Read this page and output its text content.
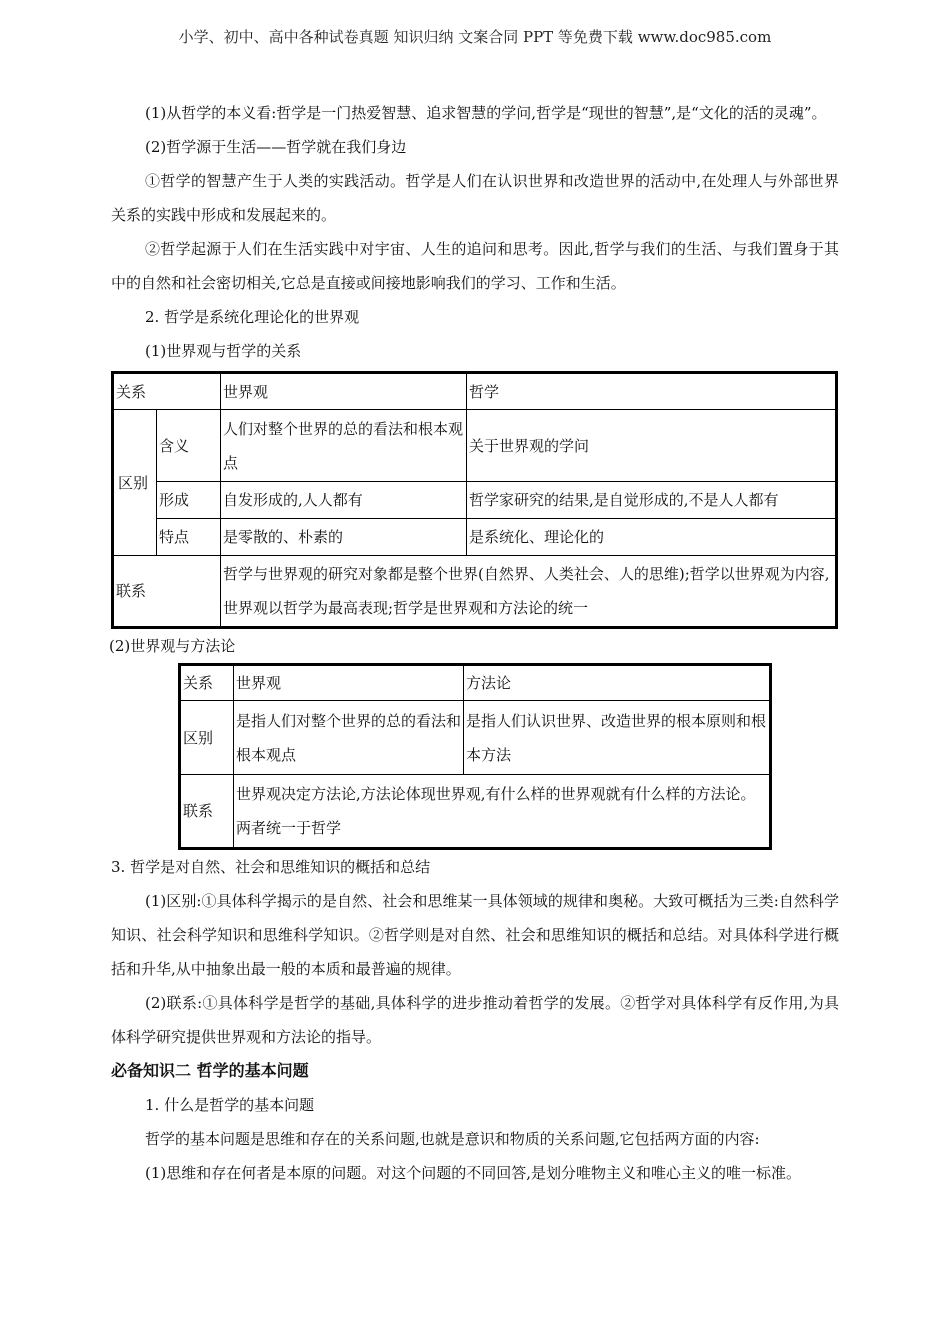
小学、初中、高中各种试卷真题 知识归纳 文案合同 PPT 等免费下载 www.doc985.com

(1)从哲学的本义看:哲学是一门热爱智慧、追求智慧的学问,哲学是“现世的智慧”,是“文化的活的灵魂”。

(2)哲学源于生活——哲学就在我们身边

①哲学的智慧产生于人类的实践活动。哲学是人们在认识世界和改造世界的活动中,在处理人与外部世界关系的实践中形成和发展起来的。

②哲学起源于人们在生活实践中对宇宙、人生的追问和思考。因此,哲学与我们的生活、与我们置身于其中的自然和社会密切相关,它总是直接或间接地影响我们的学习、工作和生活。

2. 哲学是系统化理论化的世界观

(1)世界观与哲学的关系

关系		世界观	哲学
区别	含义	人们对整个世界的总的看法和根本观点	关于世界观的学问
	形成	自发形成的,人人都有	哲学家研究的结果,是自觉形成的,不是人人都有
	特点	是零散的、朴素的	是系统化、理论化的
联系		哲学与世界观的研究对象都是整个世界(自然界、人类社会、人的思维);哲学以世界观为内容,世界观以哲学为最高表现;哲学是世界观和方法论的统一	

(2)世界观与方法论

关系	世界观	方法论
区别	是指人们对整个世界的总的看法和根本观点	是指人们认识世界、改造世界的根本原则和根本方法
联系	世界观决定方法论,方法论体现世界观,有什么样的世界观就有什么样的方法论。两者统一于哲学	

3. 哲学是对自然、社会和思维知识的概括和总结

(1)区别:①具体科学揭示的是自然、社会和思维某一具体领域的规律和奥秘。大致可概括为三类:自然科学知识、社会科学知识和思维科学知识。②哲学则是对自然、社会和思维知识的概括和总结。对具体科学进行概括和升华,从中抽象出最一般的本质和最普遍的规律。

(2)联系:①具体科学是哲学的基础,具体科学的进步推动着哲学的发展。②哲学对具体科学有反作用,为具体科学研究提供世界观和方法论的指导。

必备知识二 哲学的基本问题

1. 什么是哲学的基本问题

哲学的基本问题是思维和存在的关系问题,也就是意识和物质的关系问题,它包括两方面的内容:

(1)思维和存在何者是本原的问题。对这个问题的不同回答,是划分唯物主义和唯心主义的唯一标准。
